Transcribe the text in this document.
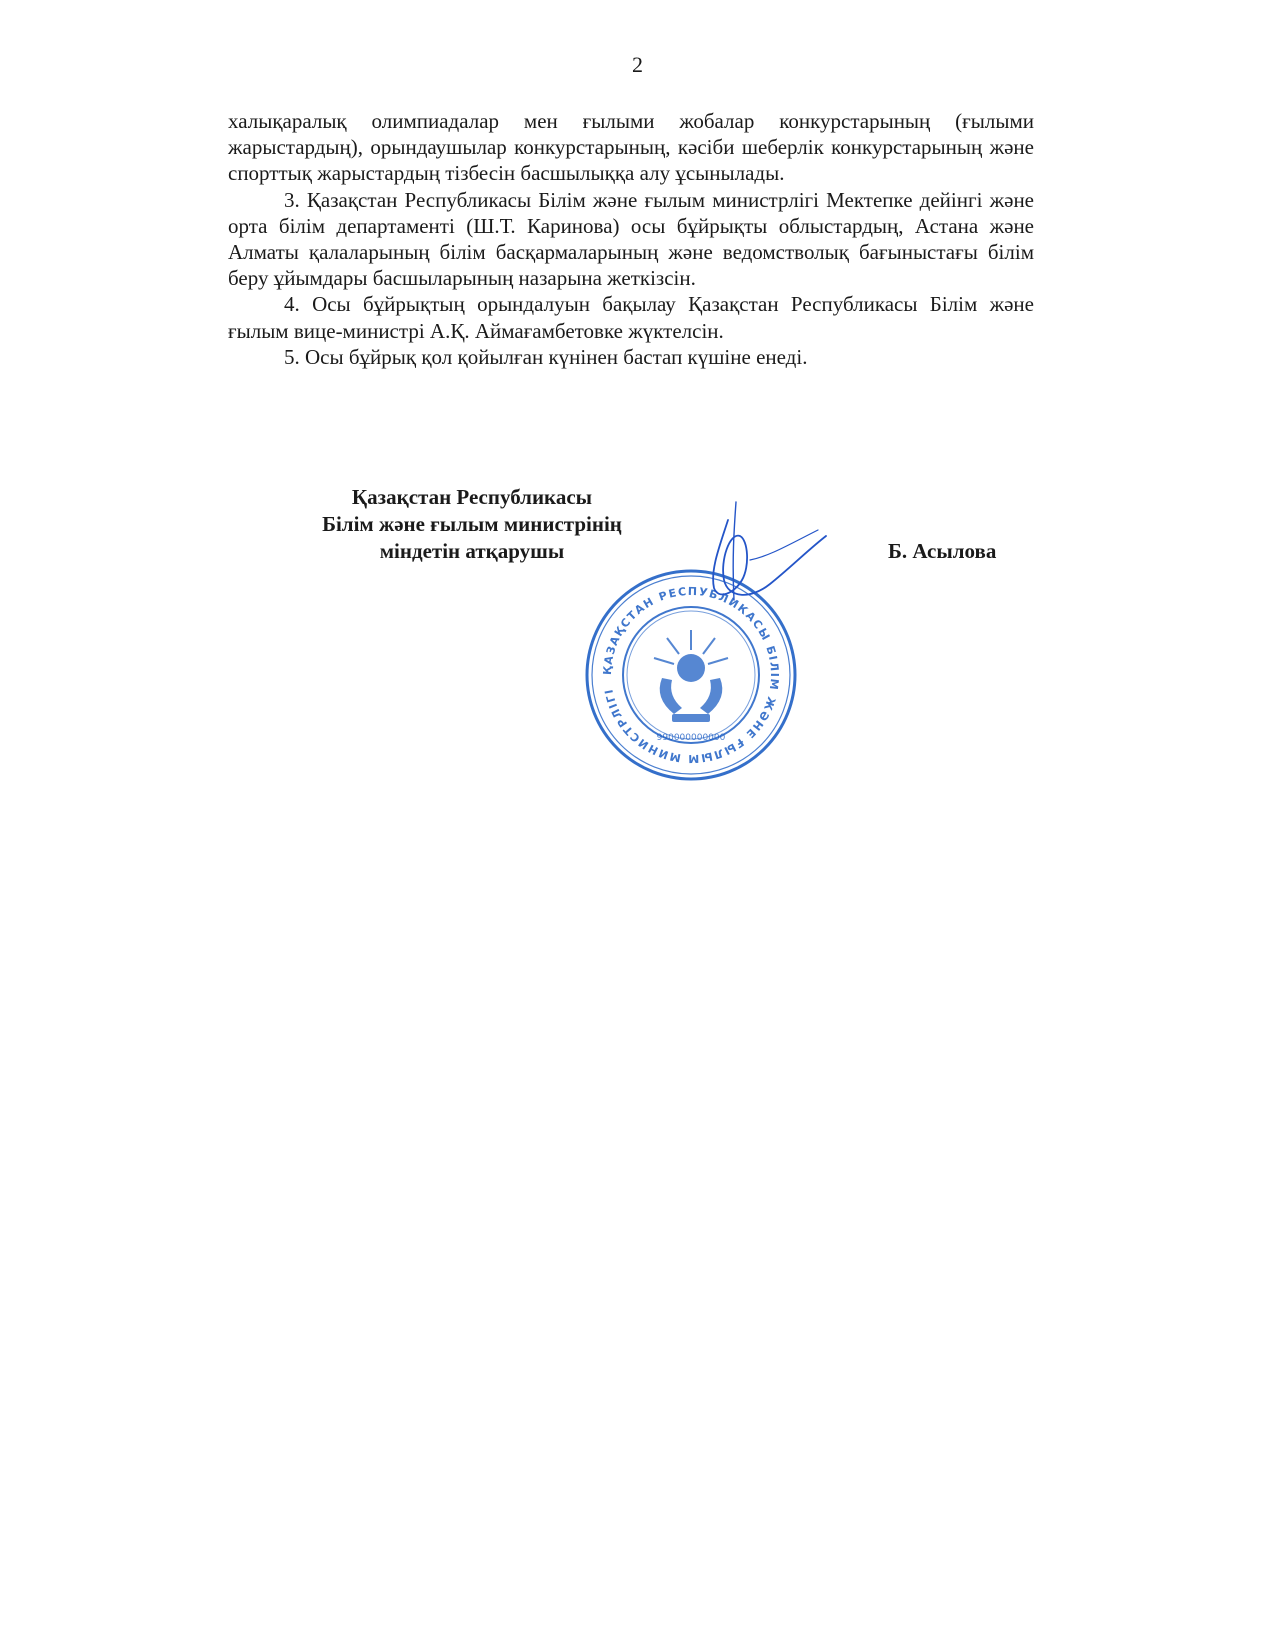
2

халықаралық олимпиадалар мен ғылыми жобалар конкурстарының (ғылыми жарыстардың), орындаушылар конкурстарының, кәсіби шеберлік конкурстарының және спорттық жарыстардың тізбесін басшылыққа алу ұсынылады.

3. Қазақстан Республикасы Білім және ғылым министрлігі Мектепке дейінгі және орта білім департаменті (Ш.Т. Каринова) осы бұйрықты облыстардың, Астана және Алматы қалаларының білім басқармаларының және ведомстволық бағыныстағы білім беру ұйымдары басшыларының назарына жеткізсін.

4. Осы бұйрықтың орындалуын бақылау Қазақстан Республикасы Білім және ғылым вице-министрі А.Қ. Аймағамбетовке жүктелсін.

5. Осы бұйрық қол қойылған күнінен бастап күшіне енеді.

Қазақстан Республикасы
Білім және ғылым министрінің
міндетін атқарушы	Б. Асылова
ҚАЗАҚСТАН РЕСПУБЛИКАСЫ БІЛІМ ЖӘНЕ ҒЫЛЫМ МИНИСТРЛІГІ
990000000000
